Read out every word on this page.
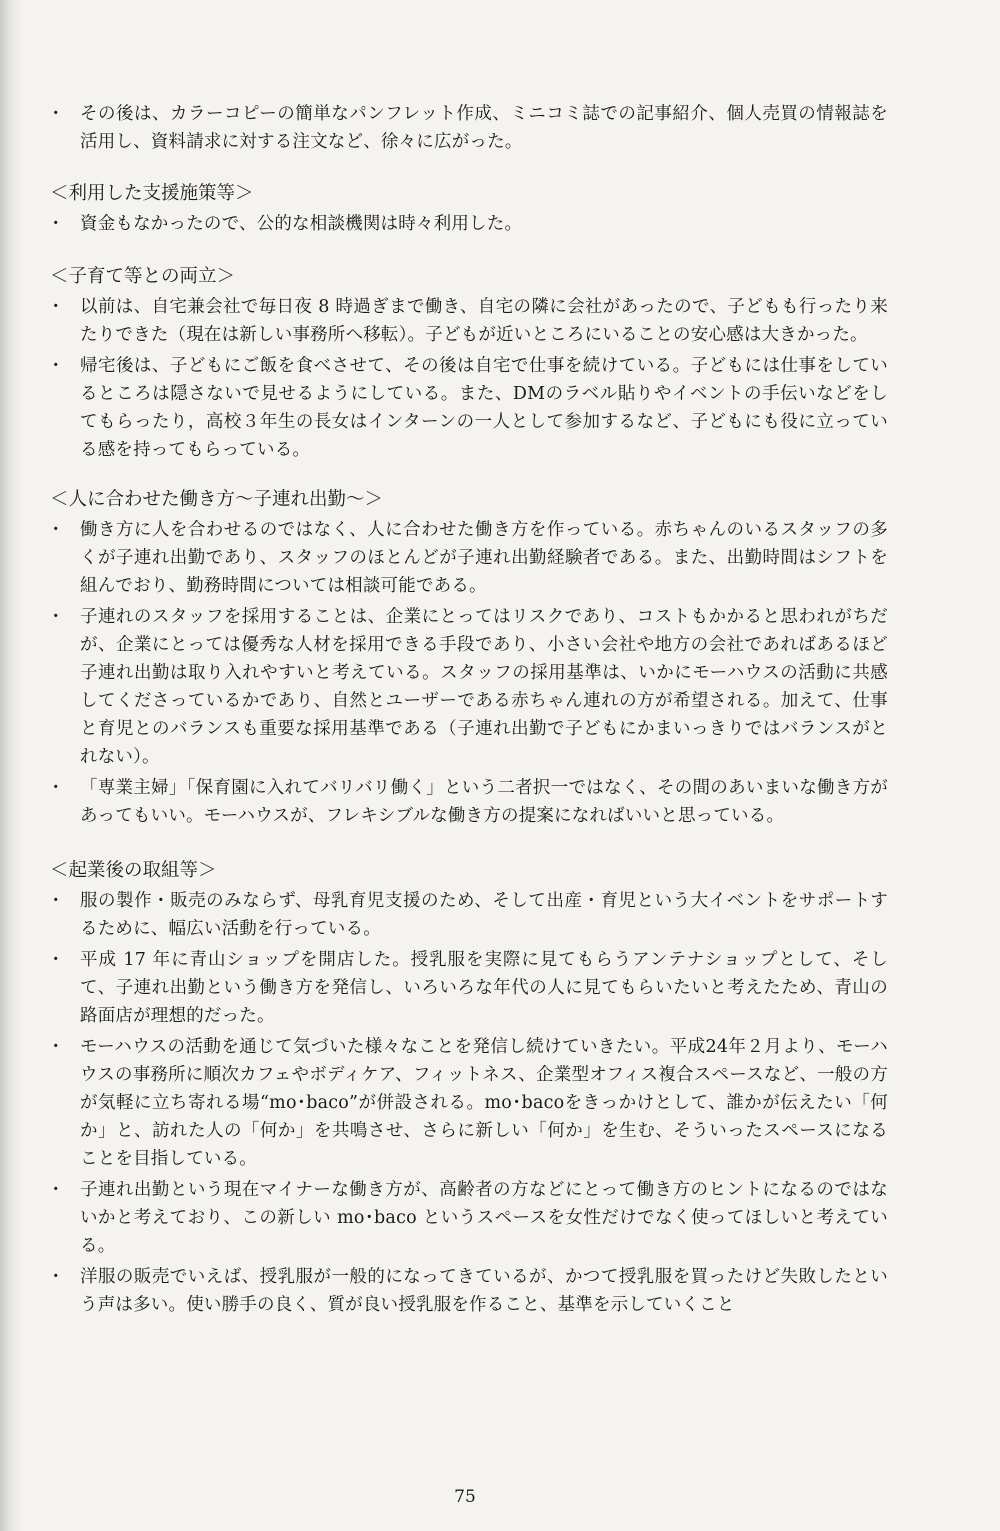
・ その後は、カラーコピーの簡単なパンフレット作成、ミニコミ誌での記事紹介、個人売買の情報誌を活用し、資料請求に対する注文など、徐々に広がった。
＜利用した支援施策等＞
・ 資金もなかったので、公的な相談機関は時々利用した。
＜子育て等との両立＞
・ 以前は、自宅兼会社で毎日夜 8 時過ぎまで働き、自宅の隣に会社があったので、子どもも行ったり来たりできた（現在は新しい事務所へ移転）。子どもが近いところにいることの安心感は大きかった。
・ 帰宅後は、子どもにご飯を食べさせて、その後は自宅で仕事を続けている。子どもには仕事をしているところは隠さないで見せるようにしている。また、DMのラベル貼りやイベントの手伝いなどをしてもらったり，高校３年生の長女はインターンの一人として参加するなど、子どもにも役に立っている感を持ってもらっている。
＜人に合わせた働き方～子連れ出勤～＞
・ 働き方に人を合わせるのではなく、人に合わせた働き方を作っている。赤ちゃんのいるスタッフの多くが子連れ出勤であり、スタッフのほとんどが子連れ出勤経験者である。また、出勤時間はシフトを組んでおり、勤務時間については相談可能である。
・ 子連れのスタッフを採用することは、企業にとってはリスクであり、コストもかかると思われがちだが、企業にとっては優秀な人材を採用できる手段であり、小さい会社や地方の会社であればあるほど子連れ出勤は取り入れやすいと考えている。スタッフの採用基準は、いかにモーハウスの活動に共感してくださっているかであり、自然とユーザーである赤ちゃん連れの方が希望される。加えて、仕事と育児とのバランスも重要な採用基準である（子連れ出勤で子どもにかまいっきりではバランスがとれない）。
・ 「専業主婦」「保育園に入れてバリバリ働く」という二者択一ではなく、その間のあいまいな働き方があってもいい。モーハウスが、フレキシブルな働き方の提案になればいいと思っている。
＜起業後の取組等＞
・ 服の製作・販売のみならず、母乳育児支援のため、そして出産・育児という大イベントをサポートするために、幅広い活動を行っている。
・ 平成 17 年に青山ショップを開店した。授乳服を実際に見てもらうアンテナショップとして、そして、子連れ出勤という働き方を発信し、いろいろな年代の人に見てもらいたいと考えたため、青山の路面店が理想的だった。
・ モーハウスの活動を通じて気づいた様々なことを発信し続けていきたい。平成24年２月より、モーハウスの事務所に順次カフェやボディケア、フィットネス、企業型オフィス複合スペースなど、一般の方が気軽に立ち寄れる場“mo･baco”が併設される。mo･bacoをきっかけとして、誰かが伝えたい「何か」と、訪れた人の「何か」を共鳴させ、さらに新しい「何か」を生む、そういったスペースになることを目指している。
・ 子連れ出勤という現在マイナーな働き方が、高齢者の方などにとって働き方のヒントになるのではないかと考えており、この新しい mo･baco というスペースを女性だけでなく使ってほしいと考えている。
・ 洋服の販売でいえば、授乳服が一般的になってきているが、かつて授乳服を買ったけど失敗したという声は多い。使い勝手の良く、質が良い授乳服を作ること、基準を示していくこと
75
